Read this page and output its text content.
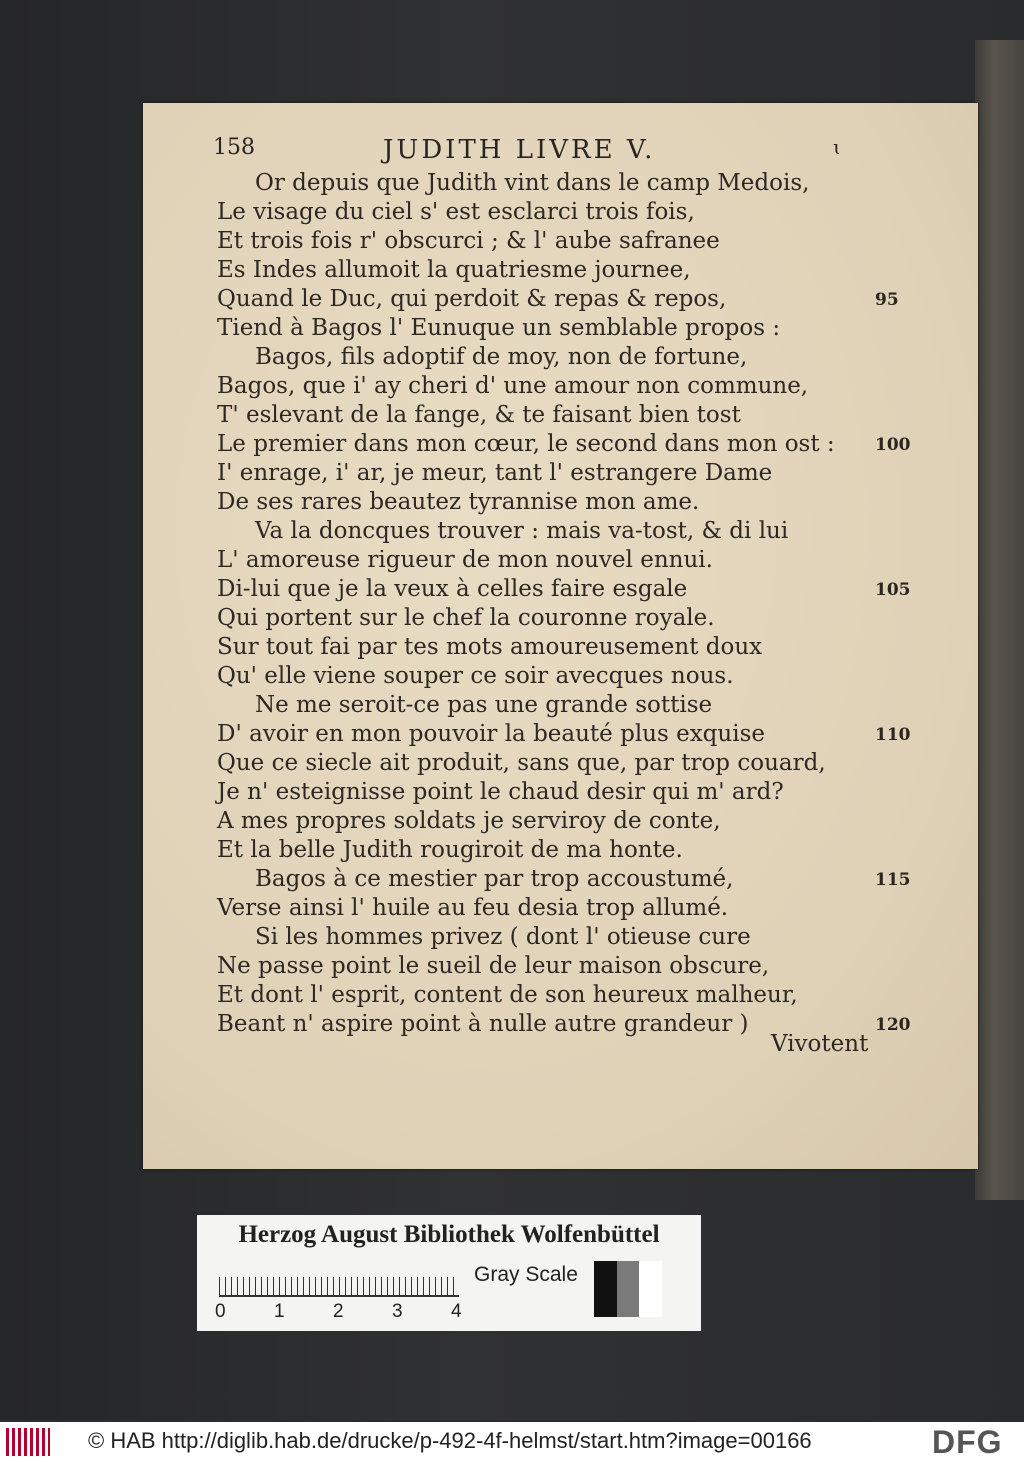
158	JUDITH LIVRE V.	ɩ
Or depuis que Judith vint dans le camp Medois,
Le visage du ciel s' est esclarci trois fois,
Et trois fois r' obscurci ; & l' aube safranee
Es Indes allumoit la quatriesme journee,
Quand le Duc, qui perdoit & repas & repos,
Tiend à Bagos l' Eunuque un semblable propos :
Bagos, fils adoptif de moy, non de fortune,
Bagos, que i' ay cheri d' une amour non commune,
T' eslevant de la fange, & te faisant bien tost
Le premier dans mon cœur, le second dans mon ost :
I' enrage, i' ar, je meur, tant l' estrangere Dame
De ses rares beautez tyrannise mon ame.
Va la doncques trouver : mais va-tost, & di lui
L' amoreuse rigueur de mon nouvel ennui.
Di-lui que je la veux à celles faire esgale
Qui portent sur le chef la couronne royale.
Sur tout fai par tes mots amoureusement doux
Qu' elle viene souper ce soir avecques nous.
Ne me seroit-ce pas une grande sottise
D' avoir en mon pouvoir la beauté plus exquise
Que ce siecle ait produit, sans que, par trop couard,
Je n' esteignisse point le chaud desir qui m' ard?
A mes propres soldats je serviroy de conte,
Et la belle Judith rougiroit de ma honte.
Bagos à ce mestier par trop accoustumé,
Verse ainsi l' huile au feu desia trop allumé.
Si les hommes privez ( dont l' otieuse cure
Ne passe point le sueil de leur maison obscure,
Et dont l' esprit, content de son heureux malheur,
Beant n' aspire point à nulle autre grandeur )
95
100
105
110
115
120
Vivotent
Herzog August Bibliothek Wolfenbüttel
0	1	2	3	4
Gray Scale
© HAB http://diglib.hab.de/drucke/p-492-4f-helmst/start.htm?image=00166	DFG
